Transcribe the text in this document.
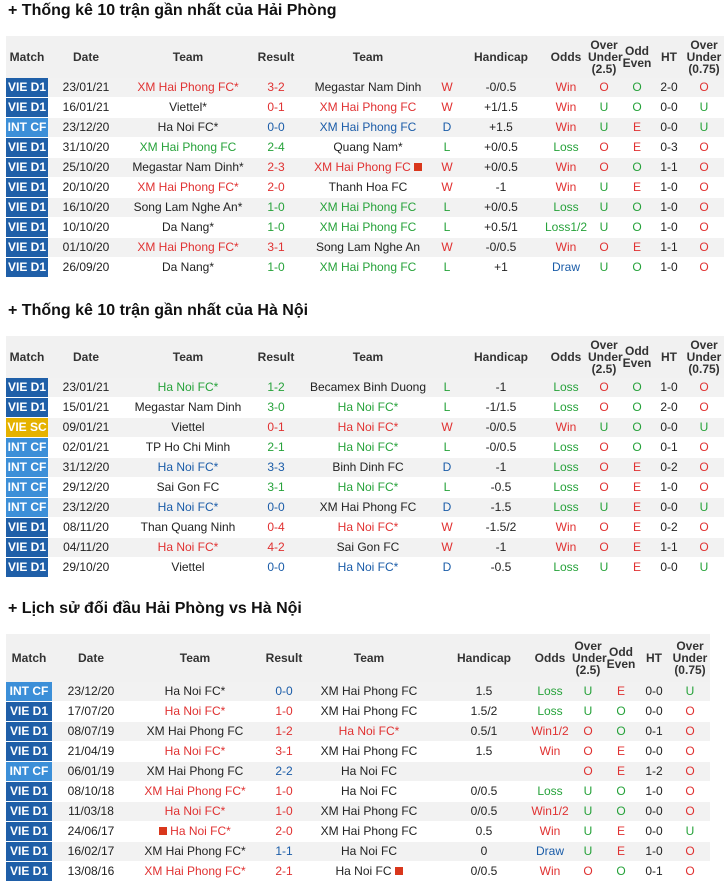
+ Thống kê 10 trận gần nhất của Hải Phòng
Match	Date	Team	Result	Team		Handicap	Odds	Over Under (2.5)	Odd Even	HT	Over Under (0.75)
VIE D1	23/01/21	XM Hai Phong FC*	3-2	Megastar Nam Dinh	W	-0/0.5	Win	O	O	2-0	O
VIE D1	16/01/21	Viettel*	0-1	XM Hai Phong FC	W	+1/1.5	Win	U	O	0-0	U
INT CF	23/12/20	Ha Noi FC*	0-0	XM Hai Phong FC	D	+1.5	Win	U	E	0-0	U
VIE D1	31/10/20	XM Hai Phong FC	2-4	Quang Nam*	L	+0/0.5	Loss	O	E	0-3	O
VIE D1	25/10/20	Megastar Nam Dinh*	2-3	XM Hai Phong FC	W	+0/0.5	Win	O	O	1-1	O
VIE D1	20/10/20	XM Hai Phong FC*	2-0	Thanh Hoa FC	W	-1	Win	U	E	1-0	O
VIE D1	16/10/20	Song Lam Nghe An*	1-0	XM Hai Phong FC	L	+0/0.5	Loss	U	O	1-0	O
VIE D1	10/10/20	Da Nang*	1-0	XM Hai Phong FC	L	+0.5/1	Loss1/2	U	O	1-0	O
VIE D1	01/10/20	XM Hai Phong FC*	3-1	Song Lam Nghe An	W	-0/0.5	Win	O	E	1-1	O
VIE D1	26/09/20	Da Nang*	1-0	XM Hai Phong FC	L	+1	Draw	U	O	1-0	O
+ Thống kê 10 trận gần nhất của Hà Nội
Match	Date	Team	Result	Team		Handicap	Odds	Over Under (2.5)	Odd Even	HT	Over Under (0.75)
VIE D1	23/01/21	Ha Noi FC*	1-2	Becamex Binh Duong	L	-1	Loss	O	O	1-0	O
VIE D1	15/01/21	Megastar Nam Dinh	3-0	Ha Noi FC*	L	-1/1.5	Loss	O	O	2-0	O
VIE SC	09/01/21	Viettel	0-1	Ha Noi FC*	W	-0/0.5	Win	U	O	0-0	U
INT CF	02/01/21	TP Ho Chi Minh	2-1	Ha Noi FC*	L	-0/0.5	Loss	O	O	0-1	O
INT CF	31/12/20	Ha Noi FC*	3-3	Binh Dinh FC	D	-1	Loss	O	E	0-2	O
INT CF	29/12/20	Sai Gon FC	3-1	Ha Noi FC*	L	-0.5	Loss	O	E	1-0	O
INT CF	23/12/20	Ha Noi FC*	0-0	XM Hai Phong FC	D	-1.5	Loss	U	E	0-0	U
VIE D1	08/11/20	Than Quang Ninh	0-4	Ha Noi FC*	W	-1.5/2	Win	O	E	0-2	O
VIE D1	04/11/20	Ha Noi FC*	4-2	Sai Gon FC	W	-1	Win	O	E	1-1	O
VIE D1	29/10/20	Viettel	0-0	Ha Noi FC*	D	-0.5	Loss	U	E	0-0	U
+ Lịch sử đối đầu Hải Phòng vs Hà Nội
Match	Date	Team	Result	Team		Handicap	Odds	Over Under (2.5)	Odd Even	HT	Over Under (0.75)
INT CF	23/12/20	Ha Noi FC*	0-0	XM Hai Phong FC		1.5	Loss	U	E	0-0	U
VIE D1	17/07/20	Ha Noi FC*	1-0	XM Hai Phong FC		1.5/2	Loss	U	O	0-0	O
VIE D1	08/07/19	XM Hai Phong FC	1-2	Ha Noi FC*		0.5/1	Win1/2	O	O	0-1	O
VIE D1	21/04/19	Ha Noi FC*	3-1	XM Hai Phong FC		1.5	Win	O	E	0-0	O
INT CF	06/01/19	XM Hai Phong FC	2-2	Ha Noi FC				O	E	1-2	O
VIE D1	08/10/18	XM Hai Phong FC*	1-0	Ha Noi FC		0/0.5	Loss	U	O	1-0	O
VIE D1	11/03/18	Ha Noi FC*	1-0	XM Hai Phong FC		0/0.5	Win1/2	U	O	0-0	O
VIE D1	24/06/17	Ha Noi FC*	2-0	XM Hai Phong FC		0.5	Win	U	E	0-0	U
VIE D1	16/02/17	XM Hai Phong FC*	1-1	Ha Noi FC		0	Draw	U	E	1-0	O
VIE D1	13/08/16	XM Hai Phong FC*	2-1	Ha Noi FC		0/0.5	Win	O	O	0-1	O
